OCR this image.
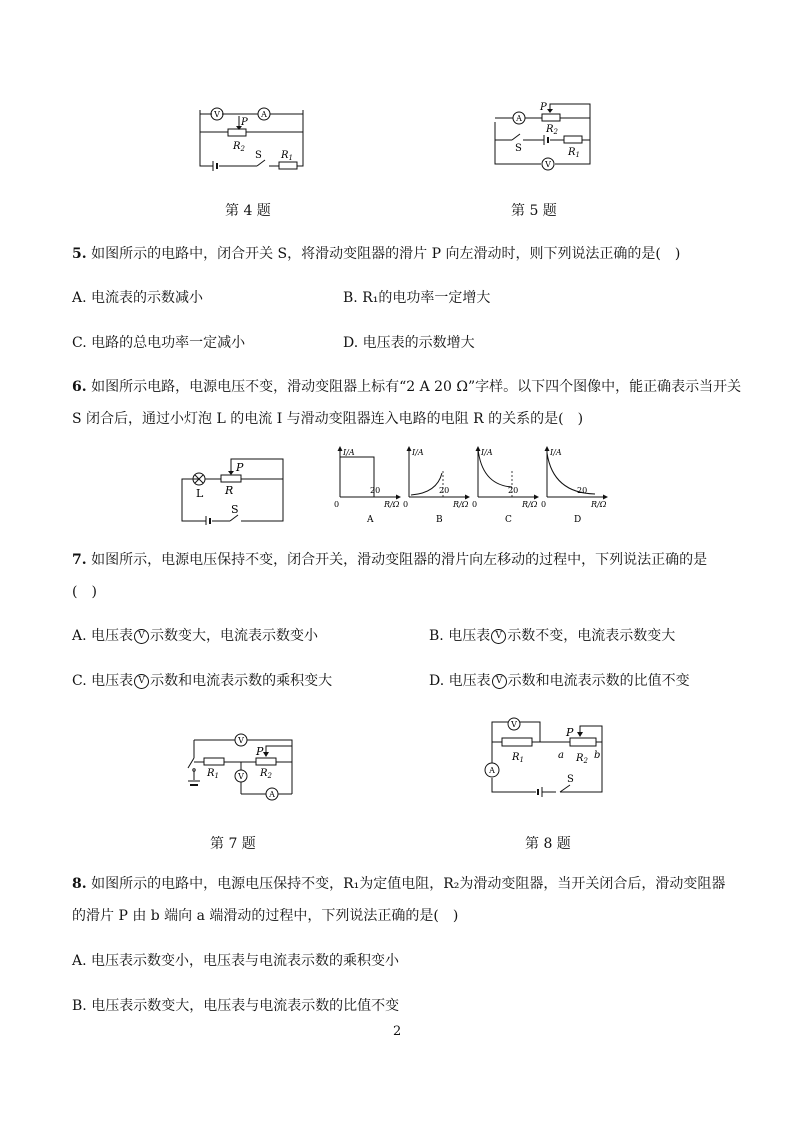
V	A
P
$R_2$
S $R_1$
第 4 题
A
P
$R_2$
S
V
$R_1$
第 5 题
5. 如图所示的电路中，闭合开关 S，将滑动变阻器的滑片 P 向左滑动时，则下列说法正确的是(　)
A. 电流表的示数减小	B. R₁的电功率一定增大
C. 电路的总电功率一定减小	D. 电压表的示数增大
6. 如图所示电路，电源电压不变，滑动变阻器上标有“2 A 20 Ω”字样。以下四个图像中，能正确表示当开关
S 闭合后，通过小灯泡 L 的电流 I 与滑动变阻器连入电路的电阻 R 的关系的是(　)
L
P
R
S
I/A
0
20
R/Ω
A
I/A
0
20
R/Ω
B
I/A
0
20
R/Ω
C
I/A
0
20
R/Ω
D
7. 如图所示，电源电压保持不变，闭合开关，滑动变阻器的滑片向左移动的过程中，下列说法正确的是
(　)
A. 电压表 V 示数变大，电流表示数变小	B. 电压表 V 示数不变，电流表示数变大
C. 电压表 V 示数和电流表示数的乘积变大	D. 电压表 V 示数和电流表示数的比值不变
V
P
$R_1$ V $R_2$
A
第 7 题
V
P
$R_1$	a $R_2$ b
A
S
第 8 题
8. 如图所示的电路中，电源电压保持不变，R₁为定值电阻，R₂为滑动变阻器，当开关闭合后，滑动变阻器
的滑片 P 由 b 端向 a 端滑动的过程中，下列说法正确的是(　)
A. 电压表示数变小，电压表与电流表示数的乘积变小
B. 电压表示数变大，电压表与电流表示数的比值不变
2
